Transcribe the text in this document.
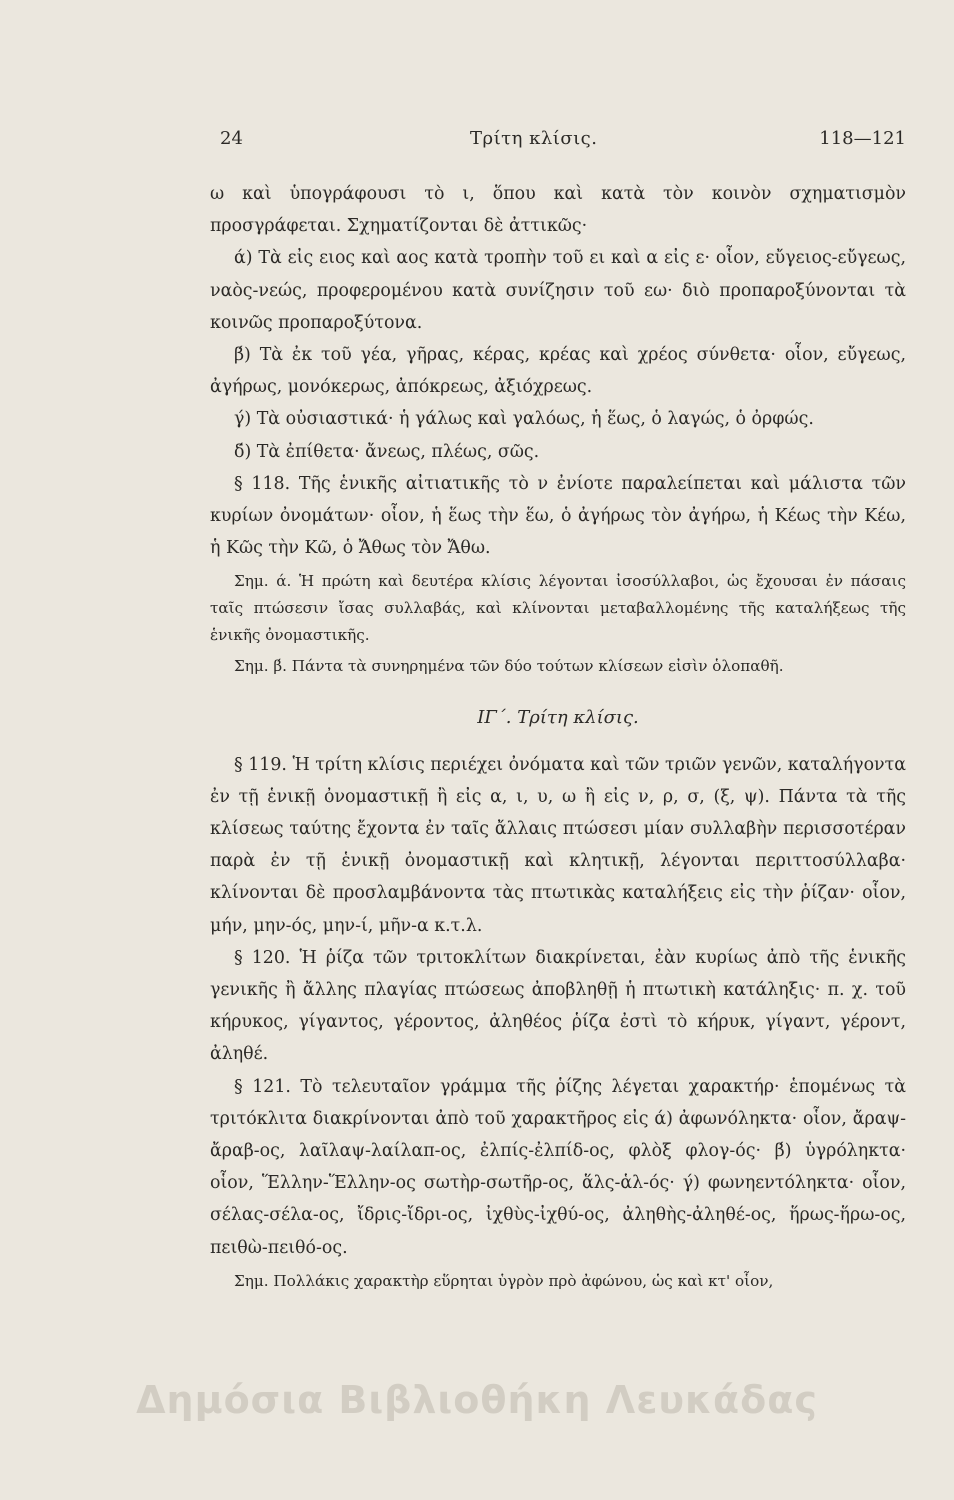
24	Τρίτη κλίσις.	118—121

ω καὶ ὑπογράφουσι τὸ ι, ὅπου καὶ κατὰ τὸν κοινὸν σχηματισμὸν προσγράφεται. Σχηματίζονται δὲ ἀττικῶς·

ά) Τὰ εἰς ειος καὶ αος κατὰ τροπὴν τοῦ ει καὶ α εἰς ε· οἷον, εὔγειος-εὔγεως, ναὸς-νεώς, προφερομένου κατὰ συνίζησιν τοῦ εω· διὸ προπαροξύνονται τὰ κοινῶς προπαροξύτονα.

β́) Τὰ ἐκ τοῦ γέα, γῆρας, κέρας, κρέας καὶ χρέος σύνθετα· οἷον, εὔγεως, ἀγήρως, μονόκερως, ἀπόκρεως, ἀξιόχρεως.

γ́) Τὰ οὐσιαστικά· ἡ γάλως καὶ γαλόως, ἡ ἕως, ὁ λαγώς, ὁ ὀρφώς.

δ́) Τὰ ἐπίθετα· ἄνεως, πλέως, σῶς.

§ 118. Τῆς ἑνικῆς αἰτιατικῆς τὸ ν ἐνίοτε παραλείπεται καὶ μάλιστα τῶν κυρίων ὀνομάτων· οἷον, ἡ ἕως τὴν ἕω, ὁ ἀγήρως τὸν ἀγήρω, ἡ Κέως τὴν Κέω, ἡ Κῶς τὴν Κῶ, ὁ Ἄθως τὸν Ἄθω.

Σημ. ά. Ἡ πρώτη καὶ δευτέρα κλίσις λέγονται ἰσοσύλλαβοι, ὡς ἔχουσαι ἐν πάσαις ταῖς πτώσεσιν ἴσας συλλαβάς, καὶ κλίνονται μεταβαλλομένης τῆς καταλήξεως τῆς ἑνικῆς ὀνομαστικῆς.

Σημ. β́. Πάντα τὰ συνηρημένα τῶν δύο τούτων κλίσεων εἰσὶν ὁλοπαθῆ.

ΙΓ΄. Τρίτη κλίσις.

§ 119. Ἡ τρίτη κλίσις περιέχει ὀνόματα καὶ τῶν τριῶν γενῶν, καταλήγοντα ἐν τῇ ἑνικῇ ὀνομαστικῇ ἢ εἰς α, ι, υ, ω ἢ εἰς ν, ρ, σ, (ξ, ψ). Πάντα τὰ τῆς κλίσεως ταύτης ἔχοντα ἐν ταῖς ἄλλαις πτώσεσι μίαν συλλαβὴν περισσοτέραν παρὰ ἐν τῇ ἑνικῇ ὀνομαστικῇ καὶ κλητικῇ, λέγονται περιττοσύλλαβα· κλίνονται δὲ προσλαμβάνοντα τὰς πτωτικὰς καταλήξεις εἰς τὴν ῥίζαν· οἷον, μήν, μην-ός, μην-ί, μῆν-α κ.τ.λ.

§ 120. Ἡ ῥίζα τῶν τριτοκλίτων διακρίνεται, ἐὰν κυρίως ἀπὸ τῆς ἑνικῆς γενικῆς ἢ ἄλλης πλαγίας πτώσεως ἀποβληθῇ ἡ πτωτικὴ κατάληξις· π. χ. τοῦ κήρυκος, γίγαντος, γέροντος, ἀληθέος ῥίζα ἐστὶ τὸ κήρυκ, γίγαντ, γέροντ, ἀληθέ.

§ 121. Τὸ τελευταῖον γράμμα τῆς ῥίζης λέγεται χαρακτήρ· ἑπομένως τὰ τριτόκλιτα διακρίνονται ἀπὸ τοῦ χαρακτῆρος εἰς ά) ἀφωνόληκτα· οἷον, ἄραψ-ἄραβ-ος, λαῖλαψ-λαίλαπ-ος, ἐλπίς-ἐλπίδ-ος, φλὸξ φλογ-ός· β́) ὑγρόληκτα· οἷον, Ἕλλην-Ἕλλην-ος σωτὴρ-σωτῆρ-ος, ἅλς-ἁλ-ός· γ́) φωνηεντόληκτα· οἷον, σέλας-σέλα-ος, ἴδρις-ἴδρι-ος, ἰχθὺς-ἰχθύ-ος, ἀληθὴς-ἀληθέ-ος, ἥρως-ἥρω-ος, πειθὼ-πειθό-ος.

Σημ. Πολλάκις χαρακτὴρ εὕρηται ὑγρὸν πρὸ ἀφώνου, ὡς καὶ κτ' οἷον,

Δημόσια Βιβλιοθήκη Λευκάδας
